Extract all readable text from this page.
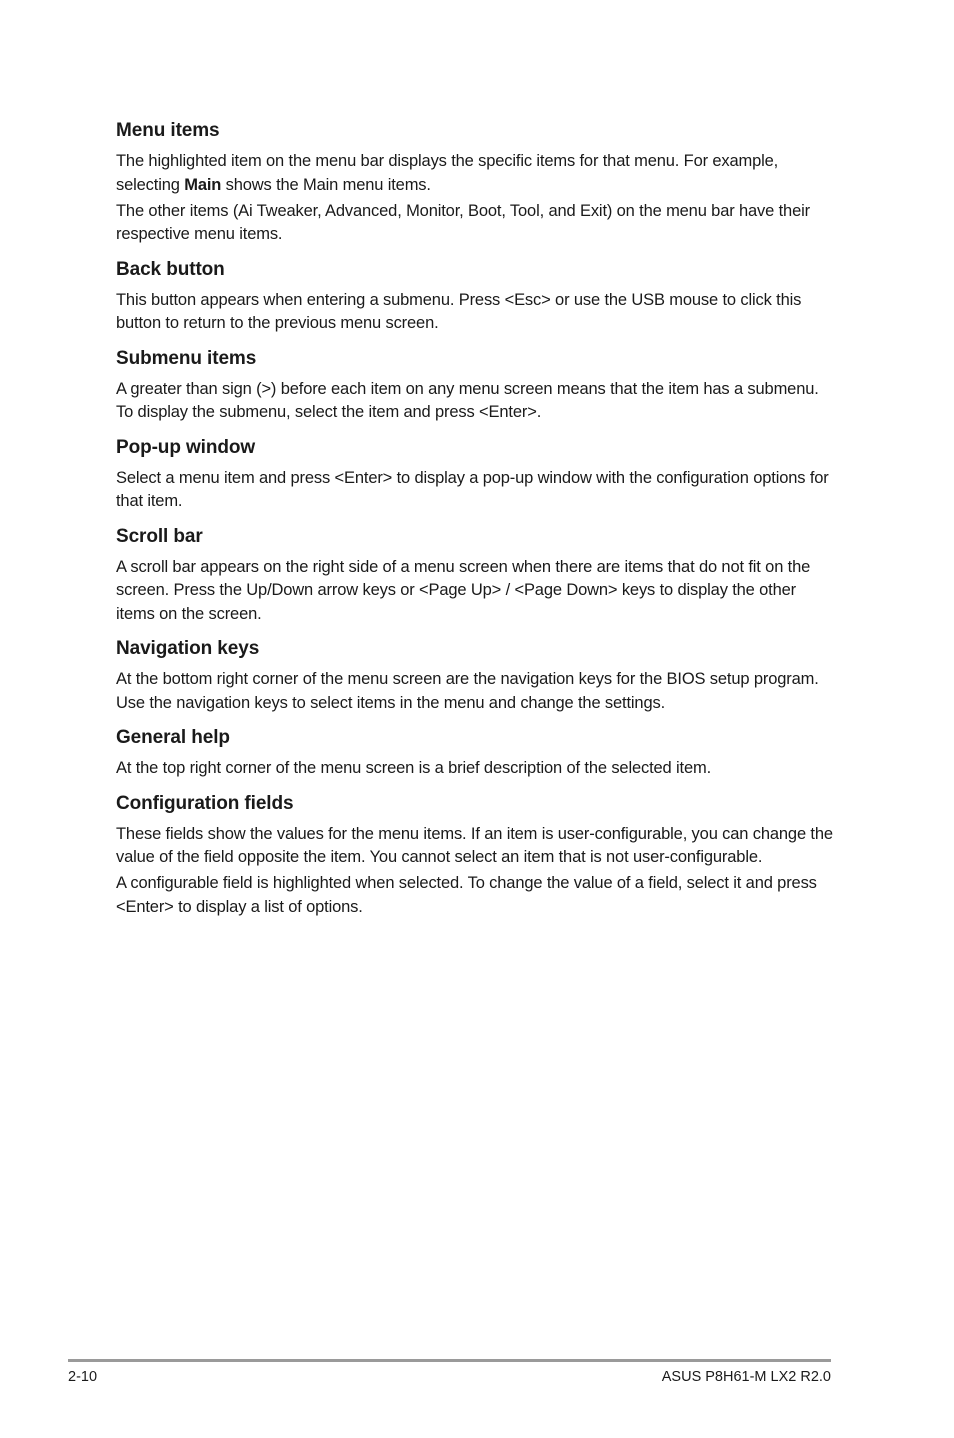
Menu items

The highlighted item on the menu bar displays the specific items for that menu. For example, selecting Main shows the Main menu items.

The other items (Ai Tweaker, Advanced, Monitor, Boot, Tool, and Exit) on the menu bar have their respective menu items.

Back button

This button appears when entering a submenu. Press <Esc> or use the USB mouse to click this button to return to the previous menu screen.

Submenu items

A greater than sign (>) before each item on any menu screen means that the item has a submenu. To display the submenu, select the item and press <Enter>.

Pop-up window

Select a menu item and press <Enter> to display a pop-up window with the configuration options for that item.

Scroll bar

A scroll bar appears on the right side of a menu screen when there are items that do not fit on the screen. Press the Up/Down arrow keys or <Page Up> / <Page Down> keys to display the other items on the screen.

Navigation keys

At the bottom right corner of the menu screen are the navigation keys for the BIOS setup program. Use the navigation keys to select items in the menu and change the settings.

General help

At the top right corner of the menu screen is a brief description of the selected item.

Configuration fields

These fields show the values for the menu items. If an item is user-configurable, you can change the value of the field opposite the item. You cannot select an item that is not user-configurable.

A configurable field is highlighted when selected. To change the value of a field, select it and press <Enter> to display a list of options.

2-10	ASUS P8H61-M LX2 R2.0
